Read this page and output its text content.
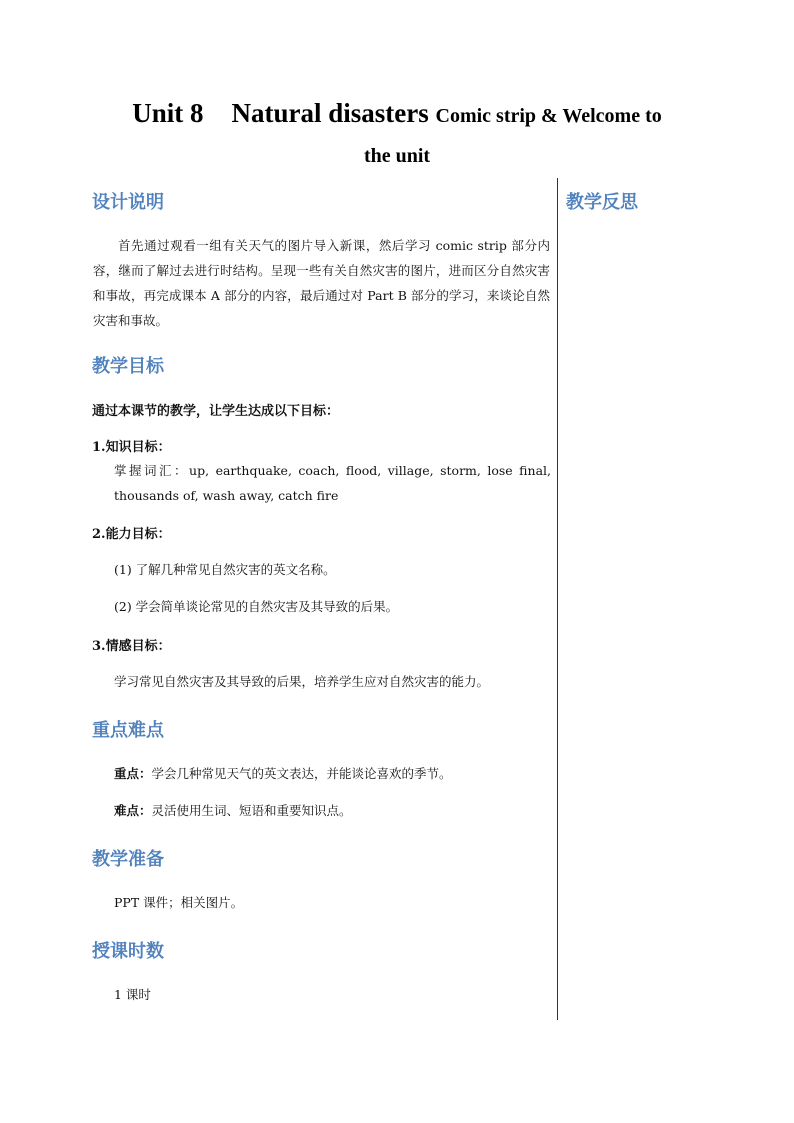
Unit 8 Natural disasters Comic strip & Welcome to
the unit
设计说明	教学反思

首先通过观看一组有关天气的图片导入新课，然后学习 comic strip 部分内容，继而了解过去进行时结构。呈现一些有关自然灾害的图片，进而区分自然灾害和事故，再完成课本 A 部分的内容，最后通过对 Part B 部分的学习，来谈论自然灾害和事故。

教学目标

通过本课节的教学，让学生达成以下目标：

1.知识目标：

掌握词汇：up, earthquake, coach, flood, village, storm, lose final, thousands of, wash away, catch fire

2.能力目标：

(1) 了解几种常见自然灾害的英文名称。

(2) 学会简单谈论常见的自然灾害及其导致的后果。

3.情感目标：

学习常见自然灾害及其导致的后果，培养学生应对自然灾害的能力。

重点难点

重点：学会几种常见天气的英文表达，并能谈论喜欢的季节。

难点：灵活使用生词、短语和重要知识点。

教学准备

PPT 课件；相关图片。

授课时数

1 课时
